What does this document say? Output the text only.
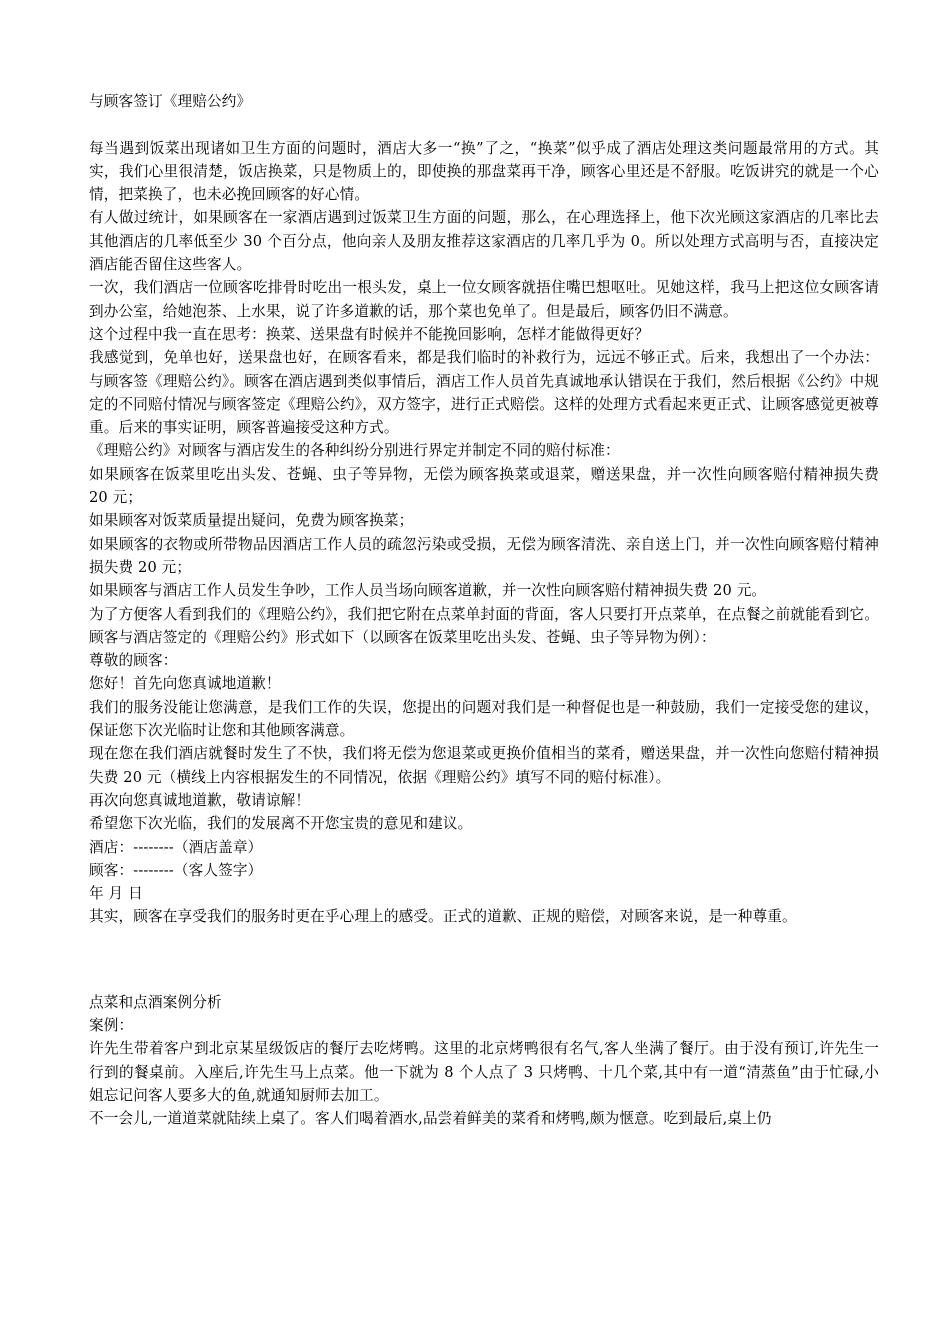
与顾客签订《理赔公约》

每当遇到饭菜出现诸如卫生方面的问题时，酒店大多一“换”了之，“换菜”似乎成了酒店处理这类问题最常用的方式。其实，我们心里很清楚，饭店换菜，只是物质上的，即使换的那盘菜再干净，顾客心里还是不舒服。吃饭讲究的就是一个心情，把菜换了，也未必挽回顾客的好心情。

有人做过统计，如果顾客在一家酒店遇到过饭菜卫生方面的问题，那么，在心理选择上，他下次光顾这家酒店的几率比去其他酒店的几率低至少 30 个百分点，他向亲人及朋友推荐这家酒店的几率几乎为 0。所以处理方式高明与否，直接决定酒店能否留住这些客人。

一次，我们酒店一位顾客吃排骨时吃出一根头发，桌上一位女顾客就捂住嘴巴想呕吐。见她这样，我马上把这位女顾客请到办公室，给她泡茶、上水果，说了许多道歉的话，那个菜也免单了。但是最后，顾客仍旧不满意。

这个过程中我一直在思考：换菜、送果盘有时候并不能挽回影响，怎样才能做得更好？

我感觉到，免单也好，送果盘也好，在顾客看来，都是我们临时的补救行为，远远不够正式。后来，我想出了一个办法：与顾客签《理赔公约》。顾客在酒店遇到类似事情后，酒店工作人员首先真诚地承认错误在于我们，然后根据《公约》中规定的不同赔付情况与顾客签定《理赔公约》，双方签字，进行正式赔偿。这样的处理方式看起来更正式、让顾客感觉更被尊重。后来的事实证明，顾客普遍接受这种方式。

《理赔公约》对顾客与酒店发生的各种纠纷分别进行界定并制定不同的赔付标准：

如果顾客在饭菜里吃出头发、苍蝇、虫子等异物，无偿为顾客换菜或退菜，赠送果盘，并一次性向顾客赔付精神损失费 20 元；

如果顾客对饭菜质量提出疑问，免费为顾客换菜；

如果顾客的衣物或所带物品因酒店工作人员的疏忽污染或受损，无偿为顾客清洗、亲自送上门，并一次性向顾客赔付精神损失费 20 元；

如果顾客与酒店工作人员发生争吵，工作人员当场向顾客道歉，并一次性向顾客赔付精神损失费 20 元。

为了方便客人看到我们的《理赔公约》，我们把它附在点菜单封面的背面，客人只要打开点菜单，在点餐之前就能看到它。顾客与酒店签定的《理赔公约》形式如下（以顾客在饭菜里吃出头发、苍蝇、虫子等异物为例）：

尊敬的顾客：

您好！首先向您真诚地道歉！

我们的服务没能让您满意，是我们工作的失误，您提出的问题对我们是一种督促也是一种鼓励，我们一定接受您的建议，保证您下次光临时让您和其他顾客满意。

现在您在我们酒店就餐时发生了不快，我们将无偿为您退菜或更换价值相当的菜肴，赠送果盘，并一次性向您赔付精神损失费 20 元（横线上内容根据发生的不同情况，依据《理赔公约》填写不同的赔付标准）。

再次向您真诚地道歉，敬请谅解！

希望您下次光临，我们的发展离不开您宝贵的意见和建议。

酒店：--------（酒店盖章）

顾客：--------（客人签字）

年 月 日

其实，顾客在享受我们的服务时更在乎心理上的感受。正式的道歉、正规的赔偿，对顾客来说，是一种尊重。

点菜和点酒案例分析

案例：

许先生带着客户到北京某星级饭店的餐厅去吃烤鸭。这里的北京烤鸭很有名气,客人坐满了餐厅。由于没有预订,许先生一行到的餐桌前。入座后,许先生马上点菜。他一下就为 8 个人点了 3 只烤鸭、十几个菜,其中有一道“清蒸鱼”由于忙碌,小姐忘记问客人要多大的鱼,就通知厨师去加工。

不一会儿,一道道菜就陆续上桌了。客人们喝着酒水,品尝着鲜美的菜肴和烤鸭,颇为惬意。吃到最后,桌上仍
